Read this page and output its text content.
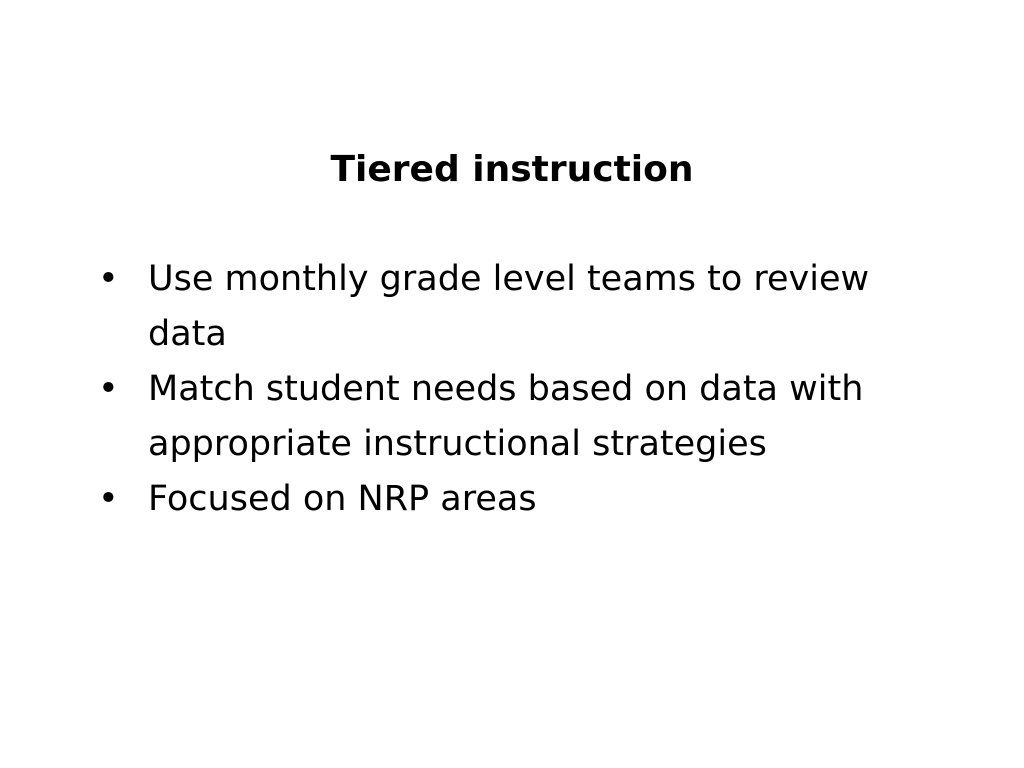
Tiered instruction
• Use monthly grade level teams to review data
• Match student needs based on data with appropriate instructional strategies
• Focused on NRP areas
